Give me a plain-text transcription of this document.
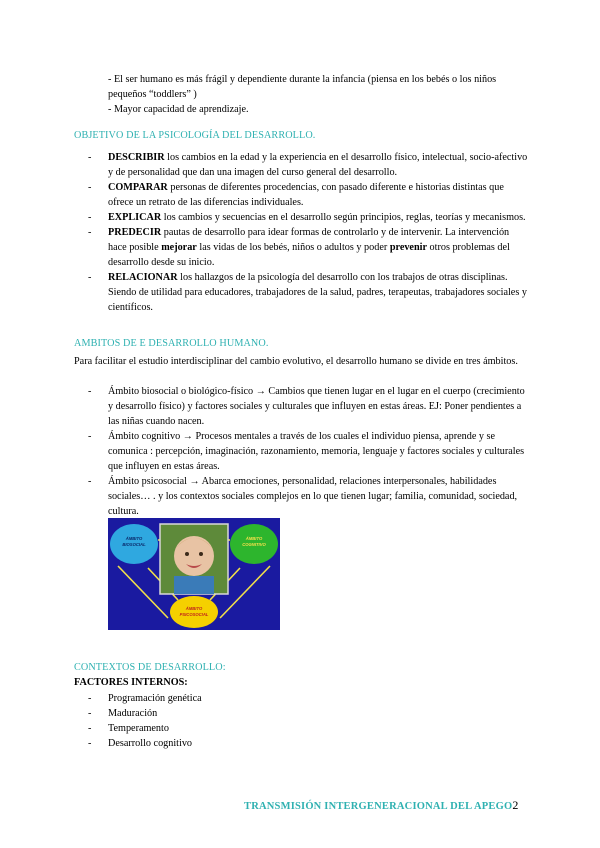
- El ser humano es más frágil y dependiente durante la infancia (piensa en los bebés o los niños pequeños “toddlers” )
- Mayor capacidad de aprendizaje.
OBJETIVO DE LA PSICOLOGÍA DEL DESARROLLO.
- DESCRIBIR los cambios en la edad y la experiencia en el desarrollo físico, intelectual, socio-afectivo y de personalidad que dan una imagen del curso general del desarrollo.
- COMPARAR personas de diferentes procedencias, con pasado diferente e historias distintas que ofrece un retrato de las diferencias individuales.
- EXPLICAR los cambios y secuencias en el desarrollo según principios, reglas, teorías y mecanismos.
- PREDECIR pautas de desarrollo para idear formas de controlarlo y de intervenir. La intervención hace posible mejorar las vidas de los bebés, niños o adultos y poder prevenir otros problemas del desarrollo desde su inicio.
- RELACIONAR los hallazgos de la psicología del desarrollo con los trabajos de otras disciplinas. Siendo de utilidad para educadores, trabajadores de la salud, padres, terapeutas, trabajadores sociales y científicos.
AMBITOS DE E DESARROLLO HUMANO.
Para facilitar el estudio interdisciplinar del cambio evolutivo, el desarrollo humano se divide en tres ámbitos.
- Ámbito biosocial o biológico-físico → Cambios que tienen lugar en el lugar en el cuerpo (crecimiento y desarrollo físico) y factores sociales y culturales que influyen en estas áreas. EJ: Poner pendientes a las niñas cuando nacen.
- Ámbito cognitivo → Procesos mentales a través de los cuales el individuo piensa, aprende y se comunica : percepción, imaginación, razonamiento, memoria, lenguaje y factores sociales y culturales que influyen en estas áreas.
- Ámbito psicosocial → Abarca emociones, personalidad, relaciones interpersonales, habilidades sociales… . y los contextos sociales complejos en lo que tienen lugar; familia, comunidad, sociedad, cultura.
ÁMBITO
BIOSOCIAL
ÁMBITO
COGNITIVO
ÁMBITO
PSICOSOCIAL
CONTEXTOS DE DESARROLLO:
FACTORES INTERNOS:
- Programación genética
- Maduración
- Temperamento
- Desarrollo cognitivo
TRANSMISIÓN INTERGENERACIONAL DEL APEGO2
